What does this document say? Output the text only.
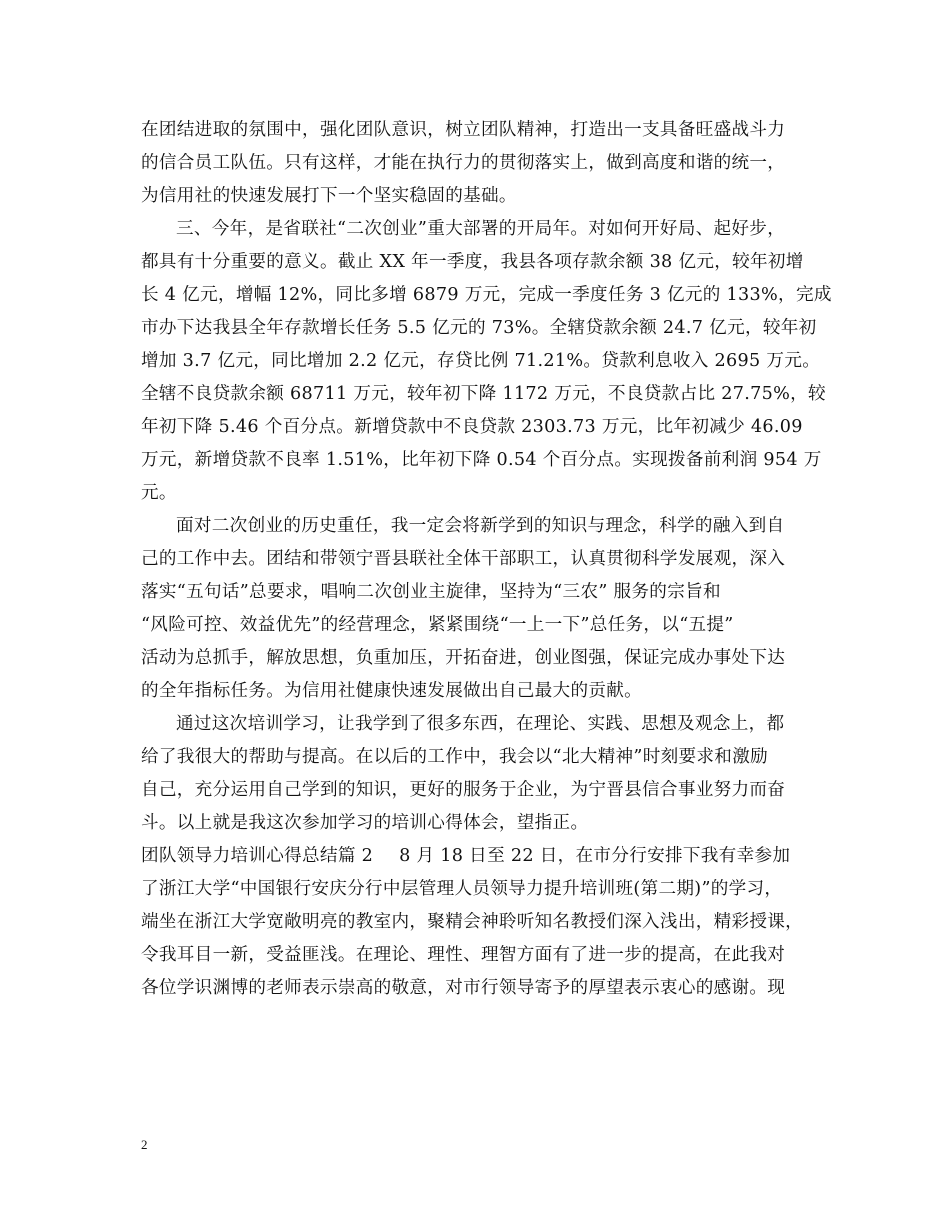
在团结进取的氛围中，强化团队意识，树立团队精神，打造出一支具备旺盛战斗力
的信合员工队伍。只有这样，才能在执行力的贯彻落实上，做到高度和谐的统一，
为信用社的快速发展打下一个坚实稳固的基础。
三、今年，是省联社“二次创业”重大部署的开局年。对如何开好局、起好步，
都具有十分重要的意义。截止 XX 年一季度，我县各项存款余额 38 亿元，较年初增
长 4 亿元，增幅 12%，同比多增 6879 万元，完成一季度任务 3 亿元的 133%，完成
市办下达我县全年存款增长任务 5.5 亿元的 73%。全辖贷款余额 24.7 亿元，较年初
增加 3.7 亿元，同比增加 2.2 亿元，存贷比例 71.21%。贷款利息收入 2695 万元。
全辖不良贷款余额 68711 万元，较年初下降 1172 万元，不良贷款占比 27.75%，较
年初下降 5.46 个百分点。新增贷款中不良贷款 2303.73 万元，比年初减少 46.09
万元，新增贷款不良率 1.51%，比年初下降 0.54 个百分点。实现拨备前利润 954 万
元。
面对二次创业的历史重任，我一定会将新学到的知识与理念，科学的融入到自
己的工作中去。团结和带领宁晋县联社全体干部职工，认真贯彻科学发展观，深入
落实“五句话”总要求，唱响二次创业主旋律，坚持为“三农” 服务的宗旨和
“风险可控、效益优先”的经营理念，紧紧围绕“一上一下”总任务，以“五提”
活动为总抓手，解放思想，负重加压，开拓奋进，创业图强，保证完成办事处下达
的全年指标任务。为信用社健康快速发展做出自己最大的贡献。
通过这次培训学习，让我学到了很多东西，在理论、实践、思想及观念上，都
给了我很大的帮助与提高。在以后的工作中，我会以“北大精神”时刻要求和激励
自己，充分运用自己学到的知识，更好的服务于企业，为宁晋县信合事业努力而奋
斗。以上就是我这次参加学习的培训心得体会，望指正。
团队领导力培训心得总结篇 2 8 月 18 日至 22 日，在市分行安排下我有幸参加
了浙江大学“中国银行安庆分行中层管理人员领导力提升培训班(第二期)”的学习，
端坐在浙江大学宽敞明亮的教室内，聚精会神聆听知名教授们深入浅出，精彩授课，
令我耳目一新，受益匪浅。在理论、理性、理智方面有了进一步的提高，在此我对
各位学识渊博的老师表示崇高的敬意，对市行领导寄予的厚望表示衷心的感谢。现
2
